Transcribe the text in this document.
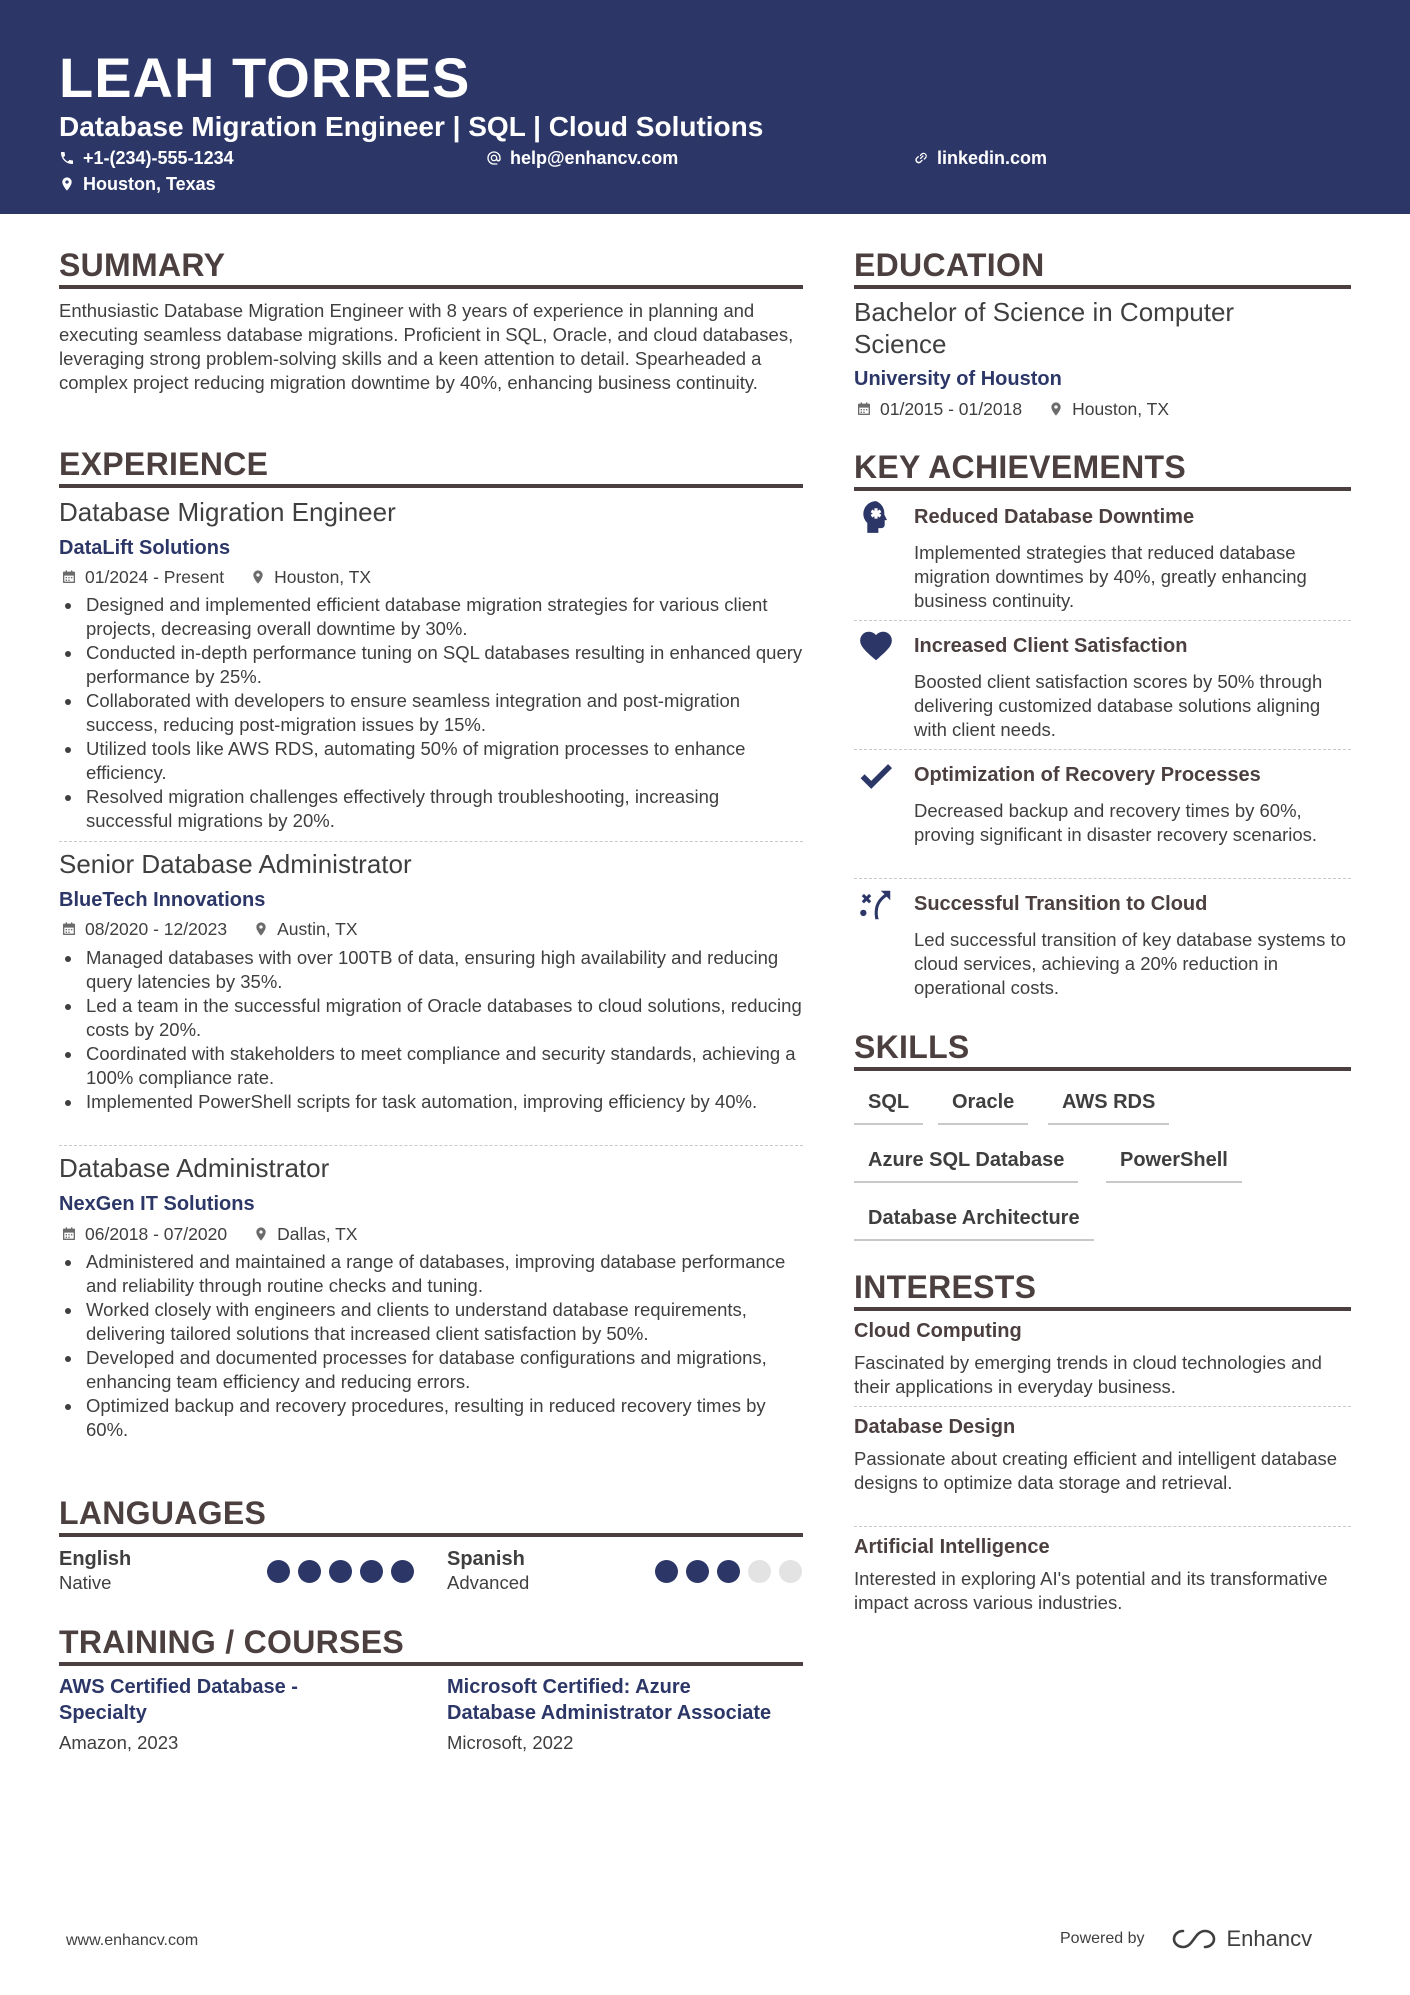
LEAH TORRES
Database Migration Engineer | SQL | Cloud Solutions
+1-(234)-555-1234	help@enhancv.com	linkedin.com
Houston, Texas
SUMMARY
Enthusiastic Database Migration Engineer with 8 years of experience in planning and executing seamless database migrations. Proficient in SQL, Oracle, and cloud databases, leveraging strong problem-solving skills and a keen attention to detail. Spearheaded a complex project reducing migration downtime by 40%, enhancing business continuity.
EXPERIENCE
Database Migration Engineer
DataLift Solutions
01/2024 - Present	Houston, TX
Designed and implemented efficient database migration strategies for various client projects, decreasing overall downtime by 30%.
Conducted in-depth performance tuning on SQL databases resulting in enhanced query performance by 25%.
Collaborated with developers to ensure seamless integration and post-migration success, reducing post-migration issues by 15%.
Utilized tools like AWS RDS, automating 50% of migration processes to enhance efficiency.
Resolved migration challenges effectively through troubleshooting, increasing successful migrations by 20%.
Senior Database Administrator
BlueTech Innovations
08/2020 - 12/2023	Austin, TX
Managed databases with over 100TB of data, ensuring high availability and reducing query latencies by 35%.
Led a team in the successful migration of Oracle databases to cloud solutions, reducing costs by 20%.
Coordinated with stakeholders to meet compliance and security standards, achieving a 100% compliance rate.
Implemented PowerShell scripts for task automation, improving efficiency by 40%.
Database Administrator
NexGen IT Solutions
06/2018 - 07/2020	Dallas, TX
Administered and maintained a range of databases, improving database performance and reliability through routine checks and tuning.
Worked closely with engineers and clients to understand database requirements, delivering tailored solutions that increased client satisfaction by 50%.
Developed and documented processes for database configurations and migrations, enhancing team efficiency and reducing errors.
Optimized backup and recovery procedures, resulting in reduced recovery times by 60%.
LANGUAGES
English
Native
Spanish
Advanced
TRAINING / COURSES
AWS Certified Database -
Specialty
Amazon, 2023
Microsoft Certified: Azure
Database Administrator Associate
Microsoft, 2022
EDUCATION
Bachelor of Science in Computer
Science
University of Houston
01/2015 - 01/2018	Houston, TX
KEY ACHIEVEMENTS
Reduced Database Downtime
Implemented strategies that reduced database migration downtimes by 40%, greatly enhancing business continuity.
Increased Client Satisfaction
Boosted client satisfaction scores by 50% through delivering customized database solutions aligning with client needs.
Optimization of Recovery Processes
Decreased backup and recovery times by 60%, proving significant in disaster recovery scenarios.
Successful Transition to Cloud
Led successful transition of key database systems to cloud services, achieving a 20% reduction in operational costs.
SKILLS
SQL	Oracle	AWS RDS
Azure SQL Database	PowerShell
Database Architecture
INTERESTS
Cloud Computing
Fascinated by emerging trends in cloud technologies and their applications in everyday business.
Database Design
Passionate about creating efficient and intelligent database designs to optimize data storage and retrieval.
Artificial Intelligence
Interested in exploring AI's potential and its transformative impact across various industries.
www.enhancv.com	Powered by	Enhancv
